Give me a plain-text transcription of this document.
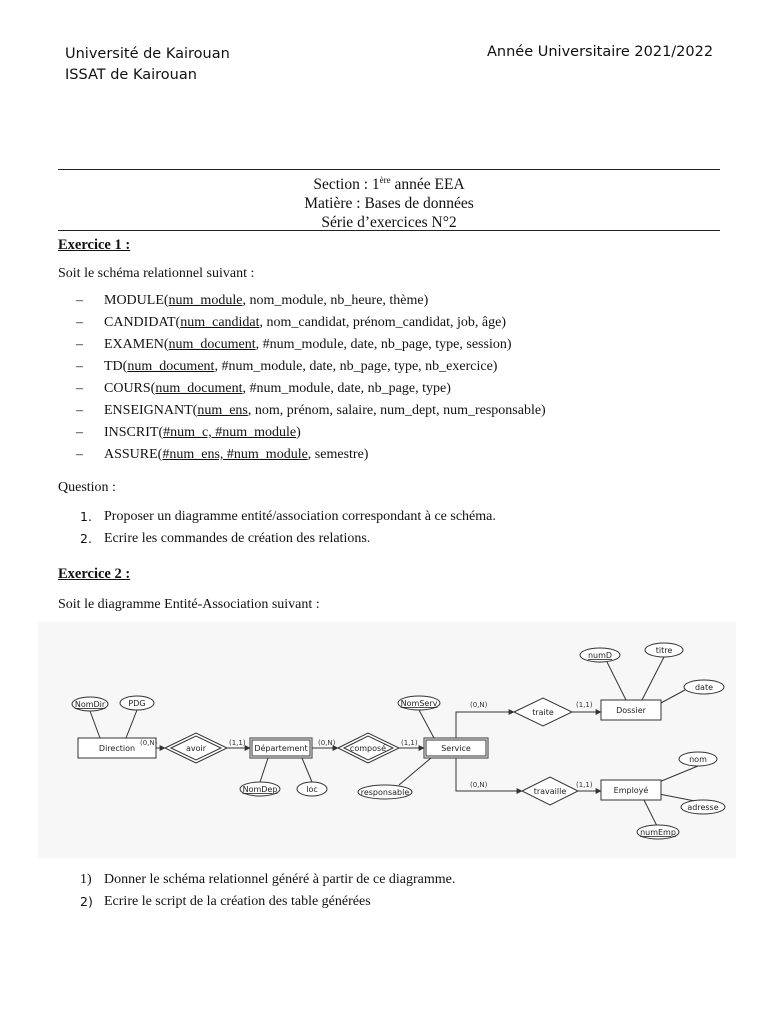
Université de Kairouan
ISSAT de Kairouan
Année Universitaire 2021/2022
Section : 1ère année EEA
Matière : Bases de données
Série d’exercices N°2
Exercice 1 :
Soit le schéma relationnel suivant :
– MODULE(num_module, nom_module, nb_heure, thème)
– CANDIDAT(num_candidat, nom_candidat, prénom_candidat, job, âge)
– EXAMEN(num_document, #num_module, date, nb_page, type, session)
– TD(num_document, #num_module, date, nb_page, type, nb_exercice)
– COURS(num_document, #num_module, date, nb_page, type)
– ENSEIGNANT(num_ens, nom, prénom, salaire, num_dept, num_responsable)
– INSCRIT(#num_c, #num_module)
– ASSURE(#num_ens, #num_module, semestre)
Question :
1. Proposer un diagramme entité/association correspondant à ce schéma.
2. Ecrire les commandes de création des relations.
Exercice 2 :
Soit le diagramme Entité-Association suivant :
Direction	Département	Service
Dossier
Employé
avoir	composé
traite
travaille
NomDir	PDG
NomDep	loc
NomServ
responsable
numD
titre
date
nom
adresse
numEmp
(0,N)	(1,1)	(0,N)	(1,1)
(0,N)	(1,1)
(0,N)	(1,1)
1) Donner le schéma relationnel généré à partir de ce diagramme.
2) Ecrire le script de la création des table générées
